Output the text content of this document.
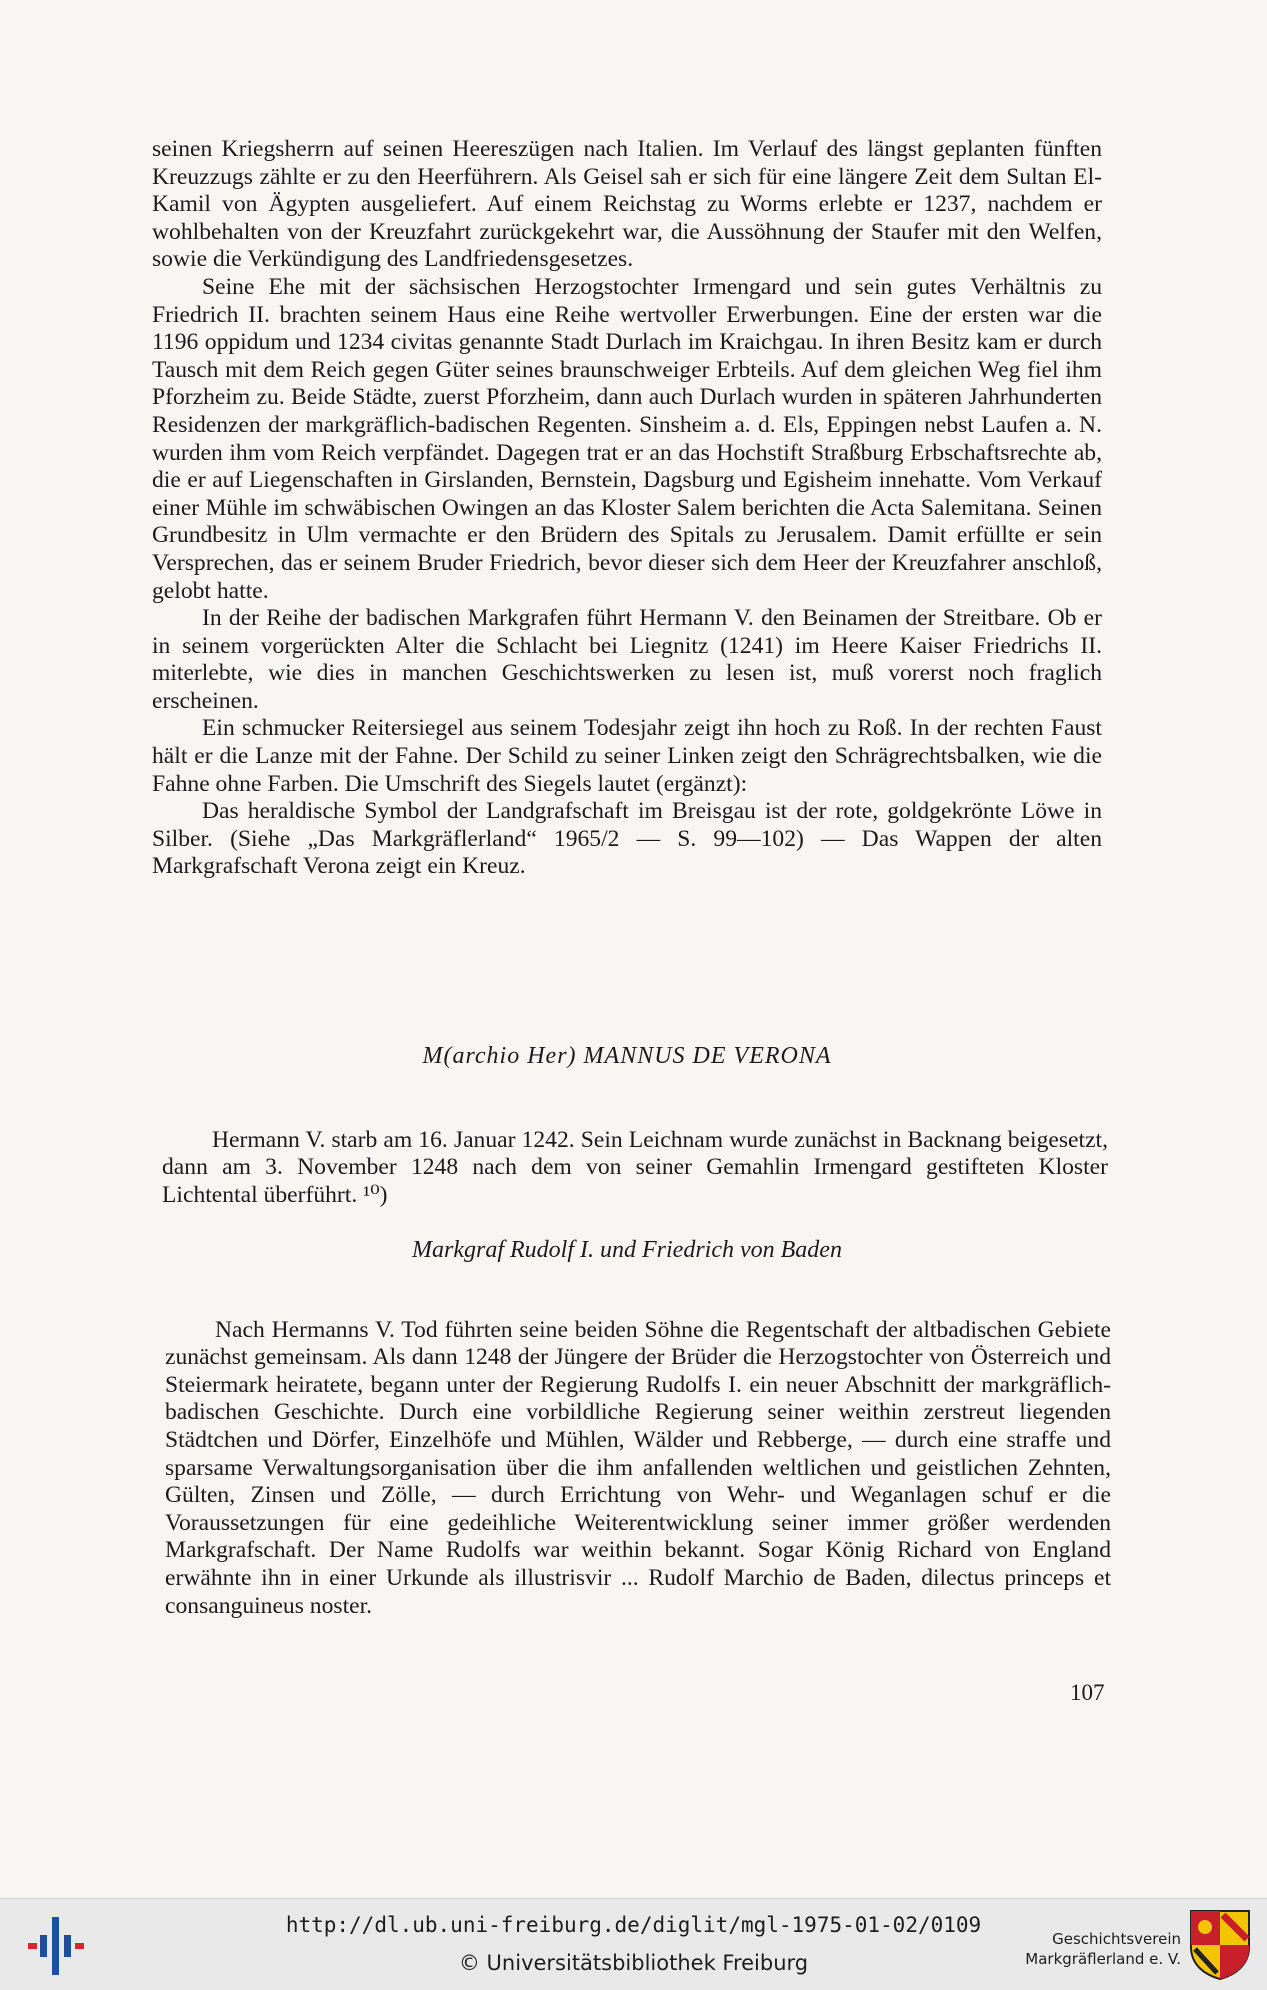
seinen Kriegsherrn auf seinen Heereszügen nach Italien. Im Verlauf des längst geplanten fünften Kreuzzugs zählte er zu den Heerführern. Als Geisel sah er sich für eine längere Zeit dem Sultan El-Kamil von Ägypten ausgeliefert. Auf einem Reichstag zu Worms erlebte er 1237, nachdem er wohlbehalten von der Kreuzfahrt zurückgekehrt war, die Aussöhnung der Staufer mit den Welfen, sowie die Verkündigung des Landfriedensgesetzes.

Seine Ehe mit der sächsischen Herzogstochter Irmengard und sein gutes Verhältnis zu Friedrich II. brachten seinem Haus eine Reihe wertvoller Erwerbungen. Eine der ersten war die 1196 oppidum und 1234 civitas genannte Stadt Durlach im Kraichgau. In ihren Besitz kam er durch Tausch mit dem Reich gegen Güter seines braunschweiger Erbteils. Auf dem gleichen Weg fiel ihm Pforzheim zu. Beide Städte, zuerst Pforzheim, dann auch Durlach wurden in späteren Jahrhunderten Residenzen der markgräflich-badischen Regenten. Sinsheim a. d. Els, Eppingen nebst Laufen a. N. wurden ihm vom Reich verpfändet. Dagegen trat er an das Hochstift Straßburg Erbschaftsrechte ab, die er auf Liegenschaften in Girslanden, Bernstein, Dagsburg und Egisheim innehatte. Vom Verkauf einer Mühle im schwäbischen Owingen an das Kloster Salem berichten die Acta Salemitana. Seinen Grundbesitz in Ulm vermachte er den Brüdern des Spitals zu Jerusalem. Damit erfüllte er sein Versprechen, das er seinem Bruder Friedrich, bevor dieser sich dem Heer der Kreuzfahrer anschloß, gelobt hatte.

In der Reihe der badischen Markgrafen führt Hermann V. den Beinamen der Streitbare. Ob er in seinem vorgerückten Alter die Schlacht bei Liegnitz (1241) im Heere Kaiser Friedrichs II. miterlebte, wie dies in manchen Geschichtswerken zu lesen ist, muß vorerst noch fraglich erscheinen.

Ein schmucker Reitersiegel aus seinem Todesjahr zeigt ihn hoch zu Roß. In der rechten Faust hält er die Lanze mit der Fahne. Der Schild zu seiner Linken zeigt den Schrägrechtsbalken, wie die Fahne ohne Farben. Die Umschrift des Siegels lautet (ergänzt):

Das heraldische Symbol der Landgrafschaft im Breisgau ist der rote, goldgekrönte Löwe in Silber. (Siehe „Das Markgräflerland“ 1965/2 — S. 99—102) — Das Wappen der alten Markgrafschaft Verona zeigt ein Kreuz.

M(archio Her) MANNUS DE VERONA

Hermann V. starb am 16. Januar 1242. Sein Leichnam wurde zunächst in Backnang beigesetzt, dann am 3. November 1248 nach dem von seiner Gemahlin Irmengard gestifteten Kloster Lichtental überführt. ¹⁰)

Markgraf Rudolf I. und Friedrich von Baden

Nach Hermanns V. Tod führten seine beiden Söhne die Regentschaft der altbadischen Gebiete zunächst gemeinsam. Als dann 1248 der Jüngere der Brüder die Herzogstochter von Österreich und Steiermark heiratete, begann unter der Regierung Rudolfs I. ein neuer Abschnitt der markgräflich-badischen Geschichte. Durch eine vorbildliche Regierung seiner weithin zerstreut liegenden Städtchen und Dörfer, Einzelhöfe und Mühlen, Wälder und Rebberge, — durch eine straffe und sparsame Verwaltungsorganisation über die ihm anfallenden weltlichen und geistlichen Zehnten, Gülten, Zinsen und Zölle, — durch Errichtung von Wehr- und Weganlagen schuf er die Voraussetzungen für eine gedeihliche Weiterentwicklung seiner immer größer werdenden Markgrafschaft. Der Name Rudolfs war weithin bekannt. Sogar König Richard von England erwähnte ihn in einer Urkunde als illustrisvir ... Rudolf Marchio de Baden, dilectus princeps et consanguineus noster.

107
http://dl.ub.uni-freiburg.de/diglit/mgl-1975-01-02/0109
© Universitätsbibliothek Freiburg
Geschichtsverein
Markgräflerland e. V.
